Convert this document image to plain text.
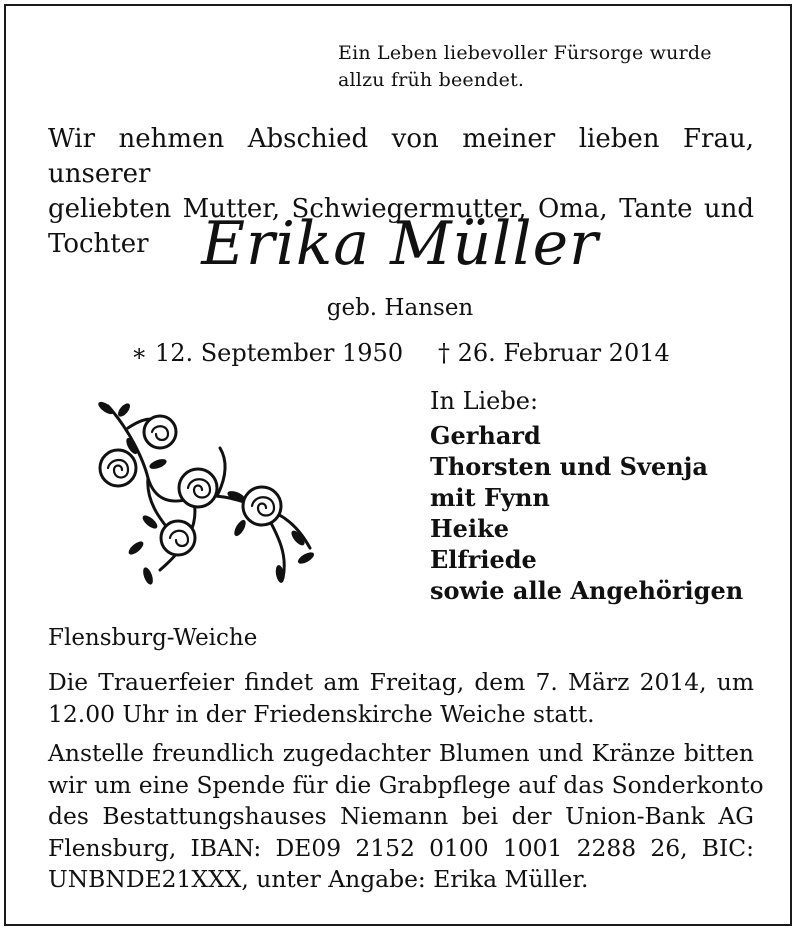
Ein Leben liebevoller Fürsorge wurde
allzu früh beendet.
Wir nehmen Abschied von meiner lieben Frau, unserer
geliebten Mutter, Schwiegermutter, Oma, Tante und Tochter Erika Müller
geb. Hansen
∗ 12. September 1950 † 26. Februar 2014
In Liebe:
Gerhard
Thorsten und Svenja
mit Fynn
Heike
Elfriede
sowie alle Angehörigen
Flensburg-Weiche
Die Trauerfeier findet am Freitag, dem 7. März 2014, um
12.00 Uhr in der Friedenskirche Weiche statt.
Anstelle freundlich zugedachter Blumen und Kränze bitten
wir um eine Spende für die Grabpflege auf das Sonderkonto
des Bestattungshauses Niemann bei der Union-Bank AG
Flensburg, IBAN: DE09 2152 0100 1001 2288 26, BIC:
UNBNDE21XXX, unter Angabe: Erika Müller.
